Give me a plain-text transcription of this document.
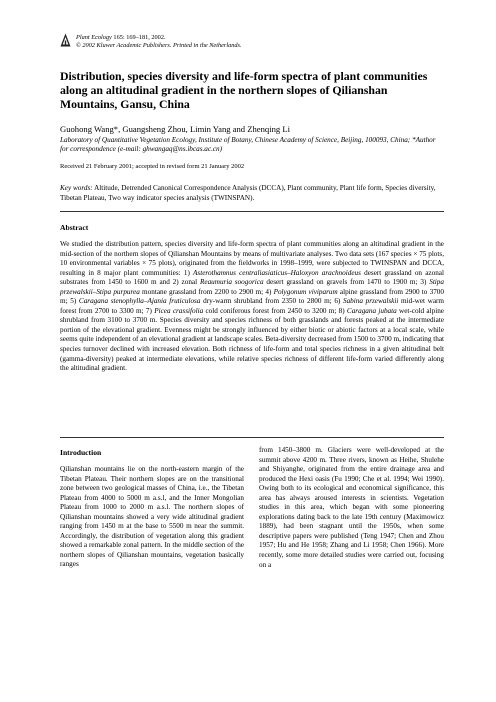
Plant Ecology 165: 169–181, 2002.
© 2002 Kluwer Academic Publishers. Printed in the Netherlands.
Distribution, species diversity and life-form spectra of plant communities along an altitudinal gradient in the northern slopes of Qilianshan Mountains, Gansu, China
Guohong Wang*, Guangsheng Zhou, Limin Yang and Zhenqing Li
Laboratory of Quantitative Vegetation Ecology, Institute of Botany, Chinese Academy of Science, Beijing, 100093, China; *Author for correspondence (e-mail: ghwangaq@ns.ibcas.ac.cn)
Received 21 February 2001; accepted in revised form 21 January 2002
Key words: Altitude, Detrended Canonical Correspondence Analysis (DCCA), Plant community, Plant life form, Species diversity, Tibetan Plateau, Two way indicator species analysis (TWINSPAN).
Abstract

We studied the distribution pattern, species diversity and life-form spectra of plant communities along an altitudinal gradient in the mid-section of the northern slopes of Qilianshan Mountains by means of multivariate analyses. Two data sets (167 species × 75 plots, 10 environmental variables × 75 plots), originated from the fieldworks in 1998–1999, were subjected to TWINSPAN and DCCA, resulting in 8 major plant communities: 1) Asterothamnus centraliasiaticus–Haloxyon arachnoideus desert grassland on azonal substrates from 1450 to 1600 m and 2) zonal Reaumuria soogorica desert grassland on gravels from 1470 to 1900 m; 3) Stipa przewalskii–Stipa purpurea montane grassland from 2200 to 2900 m; 4) Polygonum viviparum alpine grassland from 2900 to 3700 m; 5) Caragana stenophylla–Ajania fruticulosa dry-warm shrubland from 2350 to 2800 m; 6) Sabina przewalskii mid-wet warm forest from 2700 to 3300 m; 7) Picea crassifolia cold coniferous forest from 2450 to 3200 m; 8) Caragana jubata wet-cold alpine shrubland from 3100 to 3700 m. Species diversity and species richness of both grasslands and forests peaked at the intermediate portion of the elevational gradient. Evenness might be strongly influenced by either biotic or abiotic factors at a local scale, while seems quite independent of an elevational gradient at landscape scales. Beta-diversity decreased from 1500 to 3700 m, indicating that species turnover declined with increased elevation. Both richness of life-form and total species richness in a given altitudinal belt (gamma-diversity) peaked at intermediate elevations, while relative species richness of different life-form varied differently along the altitudinal gradient.

Introduction

Qilianshan mountains lie on the north-eastern margin of the Tibetan Plateau. Their northern slopes are on the transitional zone between two geological masses of China, i.e., the Tibetan Plateau from 4000 to 5000 m a.s.l, and the Inner Mongolian Plateau from 1000 to 2000 m a.s.l. The northern slopes of Qilianshan mountains showed a very wide altitudinal gradient ranging from 1450 m at the base to 5500 m near the summit. Accordingly, the distribution of vegetation along this gradient showed a remarkable zonal pattern. In the middle section of the northern slopes of Qilianshan mountains, vegetation basically ranges

from 1450–3800 m. Glaciers were well-developed at the summit above 4200 m. Three rivers, known as Heihe, Shulehe and Shiyanghe, originated from the entire drainage area and produced the Hexi oasis (Fu 1990; Che et al. 1994; Wei 1990). Owing both to its ecological and economical significance, this area has always aroused interests in scientists. Vegetation studies in this area, which began with some pioneering explorations dating back to the late 19th century (Maximowicz 1889), had been stagnant until the 1950s, when some descriptive papers were published (Teng 1947; Chen and Zhou 1957; Hu and He 1958; Zhang and Li 1958; Chen 1966). More recently, some more detailed studies were carried out, focusing on a
